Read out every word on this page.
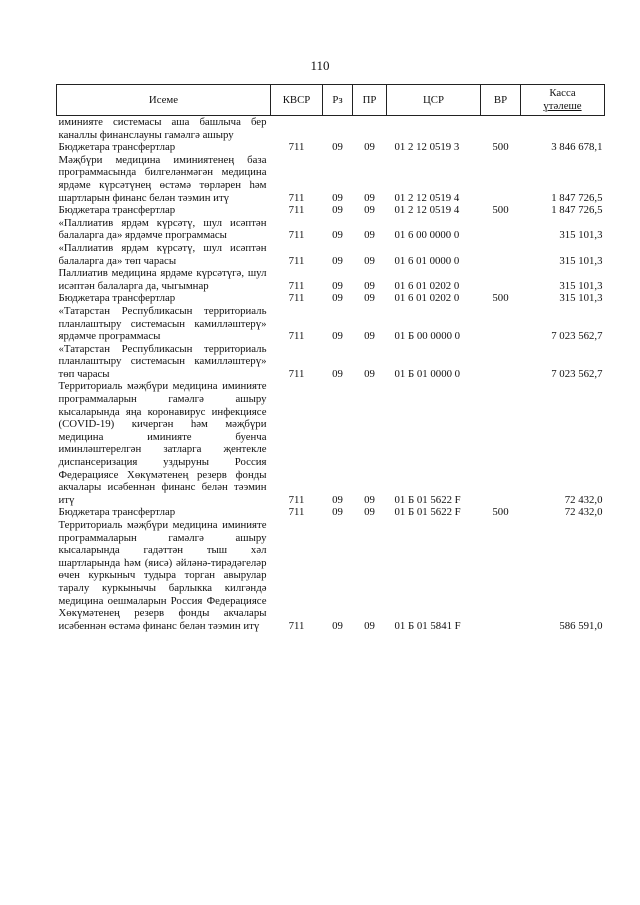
110
Исеме	КВСР	Рз	ПР	ЦСР	ВР	Касса
үтәлеше

иминияте системасы аша башлыча бер каналлы финанслауны гамәлгә ашыру						
Бюджетара трансфертлар	711	09	09	01 2 12 0519 3	500	3 846 678,1
Мәҗбүри медицина иминиятенең база программасында билгеләнмәгән медицина ярдәме күрсәтүнең өстәмә төрләрен һәм шартларын финанс белән тәэмин итү	711	09	09	01 2 12 0519 4		1 847 726,5
Бюджетара трансфертлар	711	09	09	01 2 12 0519 4	500	1 847 726,5
«Паллиатив ярдәм күрсәтү, шул исәптән балаларга да» ярдәмче программасы	711	09	09	01 6 00 0000 0		315 101,3
«Паллиатив ярдәм күрсәтү, шул исәптән балаларга да» төп чарасы	711	09	09	01 6 01 0000 0		315 101,3
Паллиатив медицина ярдәме күрсәтүгә, шул исәптән балаларга да, чыгымнар	711	09	09	01 6 01 0202 0		315 101,3
Бюджетара трансфертлар	711	09	09	01 6 01 0202 0	500	315 101,3
«Татарстан Республикасын территориаль планлаштыру системасын камилләштерү» ярдәмче программасы	711	09	09	01 Б 00 0000 0		7 023 562,7
«Татарстан Республикасын территориаль планлаштыру системасын камилләштерү» төп чарасы	711	09	09	01 Б 01 0000 0		7 023 562,7
Территориаль мәҗбүри медицина иминияте программаларын гамәлгә ашыру кысаларында яңа коронавирус инфекциясе (COVID-19) кичергән һәм мәҗбүри медицина иминияте буенча иминләштерелгән затларга җентекле диспансеризация уздыруны Россия Федерациясе Хөкүмәтенең резерв фонды акчалары исәбеннән финанс белән тәэмин итү	711	09	09	01 Б 01 5622 F		72 432,0
Бюджетара трансфертлар	711	09	09	01 Б 01 5622 F	500	72 432,0
Территориаль мәҗбүри медицина иминияте программаларын гамәлгә ашыру кысаларында гадәттән тыш хәл шартларында һәм (яисә) әйләнә-тирәдәгеләр өчен куркыныч тудыра торган авырулар таралу куркынычы барлыкка килгәндә медицина оешмаларын Россия Федерациясе Хөкүмәтенең резерв фонды акчалары исәбеннән өстәмә финанс белән тәэмин итү	711	09	09	01 Б 01 5841 F		586 591,0
